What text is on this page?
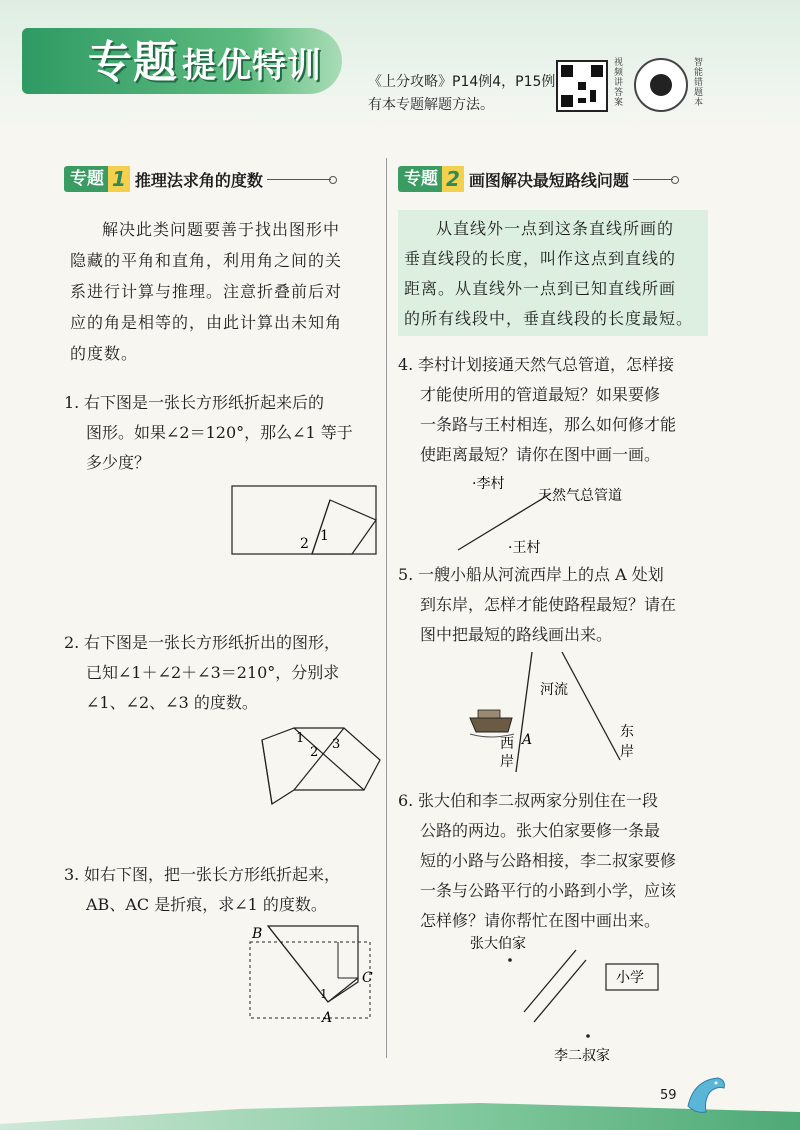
专题 提优特训	《上分攻略》P14例4，P15例
有本专题解题方法。
视频讲答案
智能错题本
专题 1 推理法求角的度数
解决此类问题要善于找出图形中
隐藏的平角和直角，利用角之间的关
系进行计算与推理。注意折叠前后对
应的角是相等的，由此计算出未知角
的度数。
1. 右下图是一张长方形纸折起来后的
图形。如果∠2＝120°，那么∠1 等于
多少度？
2 1
2. 右下图是一张长方形纸折出的图形，
已知∠1＋∠2＋∠3＝210°，分别求
∠1、∠2、∠3 的度数。
1
2
3
3. 如右下图，把一张长方形纸折起来，
AB、AC 是折痕，求∠1 的度数。
B
C
A
1
专题 2 画图解决最短路线问题
从直线外一点到这条直线所画的
垂直线段的长度，叫作这点到直线的
距离。从直线外一点到已知直线所画
的所有线段中，垂直线段的长度最短。
4. 李村计划接通天然气总管道，怎样接
才能使所用的管道最短？如果要修
一条路与王村相连，那么如何修才能
使距离最短？请你在图中画一画。
·李村
天然气总管道
·王村
5. 一艘小船从河流西岸上的点 A 处划
到东岸，怎样才能使路程最短？请在
图中把最短的路线画出来。
河流
西
岸
A	东
岸
6. 张大伯和李二叔两家分别住在一段
公路的两边。张大伯家要修一条最
短的小路与公路相接，李二叔家要修
一条与公路平行的小路到小学，应该
怎样修？请你帮忙在图中画出来。
张大伯家
小学
李二叔家
59
